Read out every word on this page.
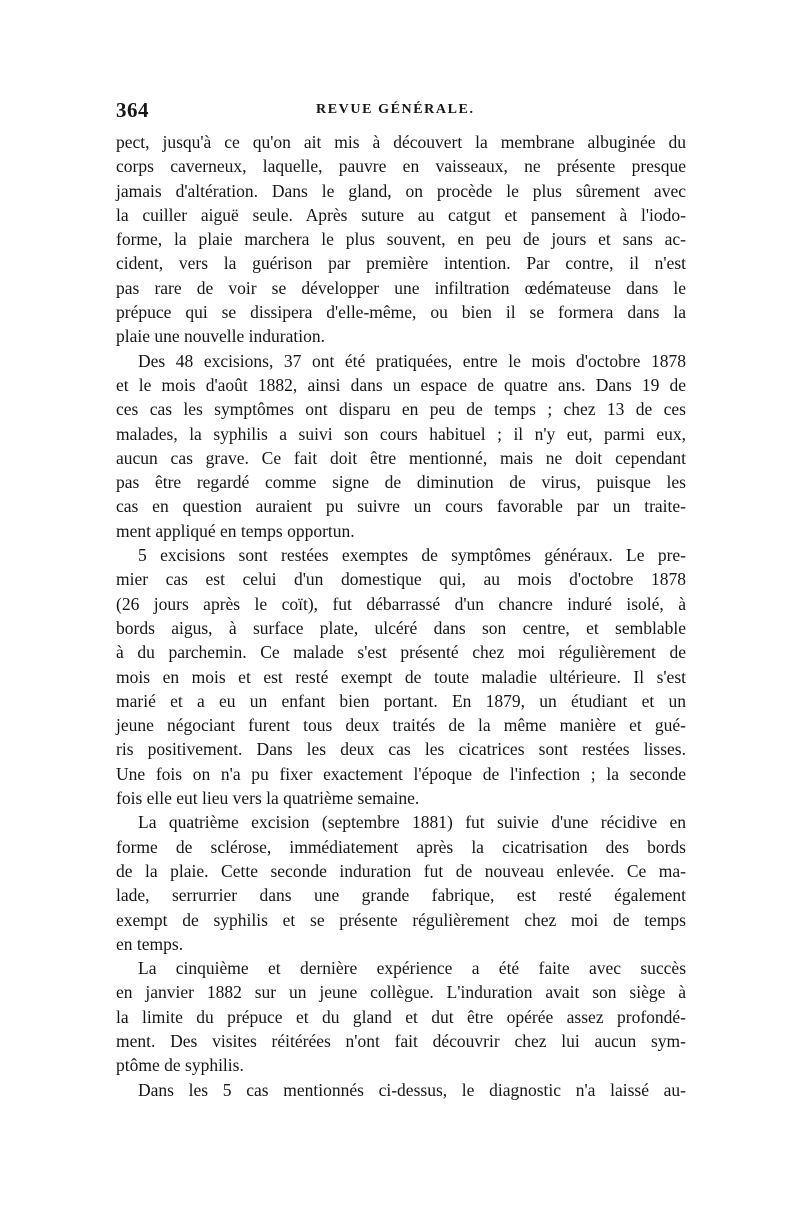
364	REVUE GÉNÉRALE.
pect, jusqu'à ce qu'on ait mis à découvert la membrane albuginée du
corps caverneux, laquelle, pauvre en vaisseaux, ne présente presque
jamais d'altération. Dans le gland, on procède le plus sûrement avec
la cuiller aiguë seule. Après suture au catgut et pansement à l'iodo-
forme, la plaie marchera le plus souvent, en peu de jours et sans ac-
cident, vers la guérison par première intention. Par contre, il n'est
pas rare de voir se développer une infiltration œdémateuse dans le
prépuce qui se dissipera d'elle-même, ou bien il se formera dans la
plaie une nouvelle induration.
Des 48 excisions, 37 ont été pratiquées, entre le mois d'octobre 1878
et le mois d'août 1882, ainsi dans un espace de quatre ans. Dans 19 de
ces cas les symptômes ont disparu en peu de temps ; chez 13 de ces
malades, la syphilis a suivi son cours habituel ; il n'y eut, parmi eux,
aucun cas grave. Ce fait doit être mentionné, mais ne doit cependant
pas être regardé comme signe de diminution de virus, puisque les
cas en question auraient pu suivre un cours favorable par un traite-
ment appliqué en temps opportun.
5 excisions sont restées exemptes de symptômes généraux. Le pre-
mier cas est celui d'un domestique qui, au mois d'octobre 1878
(26 jours après le coït), fut débarrassé d'un chancre induré isolé, à
bords aigus, à surface plate, ulcéré dans son centre, et semblable
à du parchemin. Ce malade s'est présenté chez moi régulièrement de
mois en mois et est resté exempt de toute maladie ultérieure. Il s'est
marié et a eu un enfant bien portant. En 1879, un étudiant et un
jeune négociant furent tous deux traités de la même manière et gué-
ris positivement. Dans les deux cas les cicatrices sont restées lisses.
Une fois on n'a pu fixer exactement l'époque de l'infection ; la seconde
fois elle eut lieu vers la quatrième semaine.
La quatrième excision (septembre 1881) fut suivie d'une récidive en
forme de sclérose, immédiatement après la cicatrisation des bords
de la plaie. Cette seconde induration fut de nouveau enlevée. Ce ma-
lade, serrurrier dans une grande fabrique, est resté également
exempt de syphilis et se présente régulièrement chez moi de temps
en temps.
La cinquième et dernière expérience a été faite avec succès
en janvier 1882 sur un jeune collègue. L'induration avait son siège à
la limite du prépuce et du gland et dut être opérée assez profondé-
ment. Des visites réitérées n'ont fait découvrir chez lui aucun sym-
ptôme de syphilis.
Dans les 5 cas mentionnés ci-dessus, le diagnostic n'a laissé au-
